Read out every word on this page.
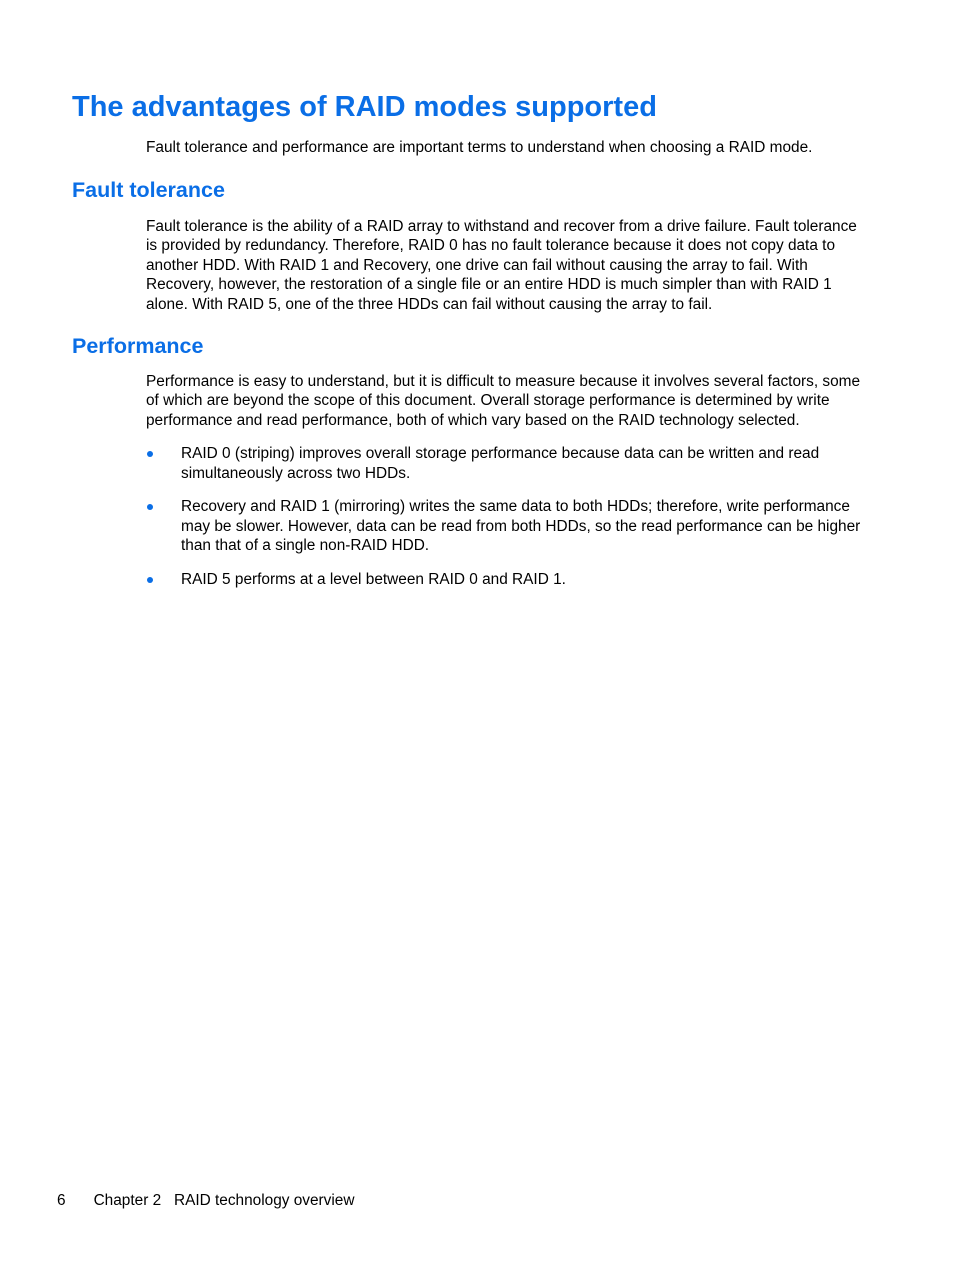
The advantages of RAID modes supported

Fault tolerance and performance are important terms to understand when choosing a RAID mode.

Fault tolerance

Fault tolerance is the ability of a RAID array to withstand and recover from a drive failure. Fault tolerance is provided by redundancy. Therefore, RAID 0 has no fault tolerance because it does not copy data to another HDD. With RAID 1 and Recovery, one drive can fail without causing the array to fail. With Recovery, however, the restoration of a single file or an entire HDD is much simpler than with RAID 1 alone. With RAID 5, one of the three HDDs can fail without causing the array to fail.

Performance

Performance is easy to understand, but it is difficult to measure because it involves several factors, some of which are beyond the scope of this document. Overall storage performance is determined by write performance and read performance, both of which vary based on the RAID technology selected.

RAID 0 (striping) improves overall storage performance because data can be written and read simultaneously across two HDDs.
Recovery and RAID 1 (mirroring) writes the same data to both HDDs; therefore, write performance may be slower. However, data can be read from both HDDs, so the read performance can be higher than that of a single non-RAID HDD.
RAID 5 performs at a level between RAID 0 and RAID 1.
6 Chapter 2   RAID technology overview
